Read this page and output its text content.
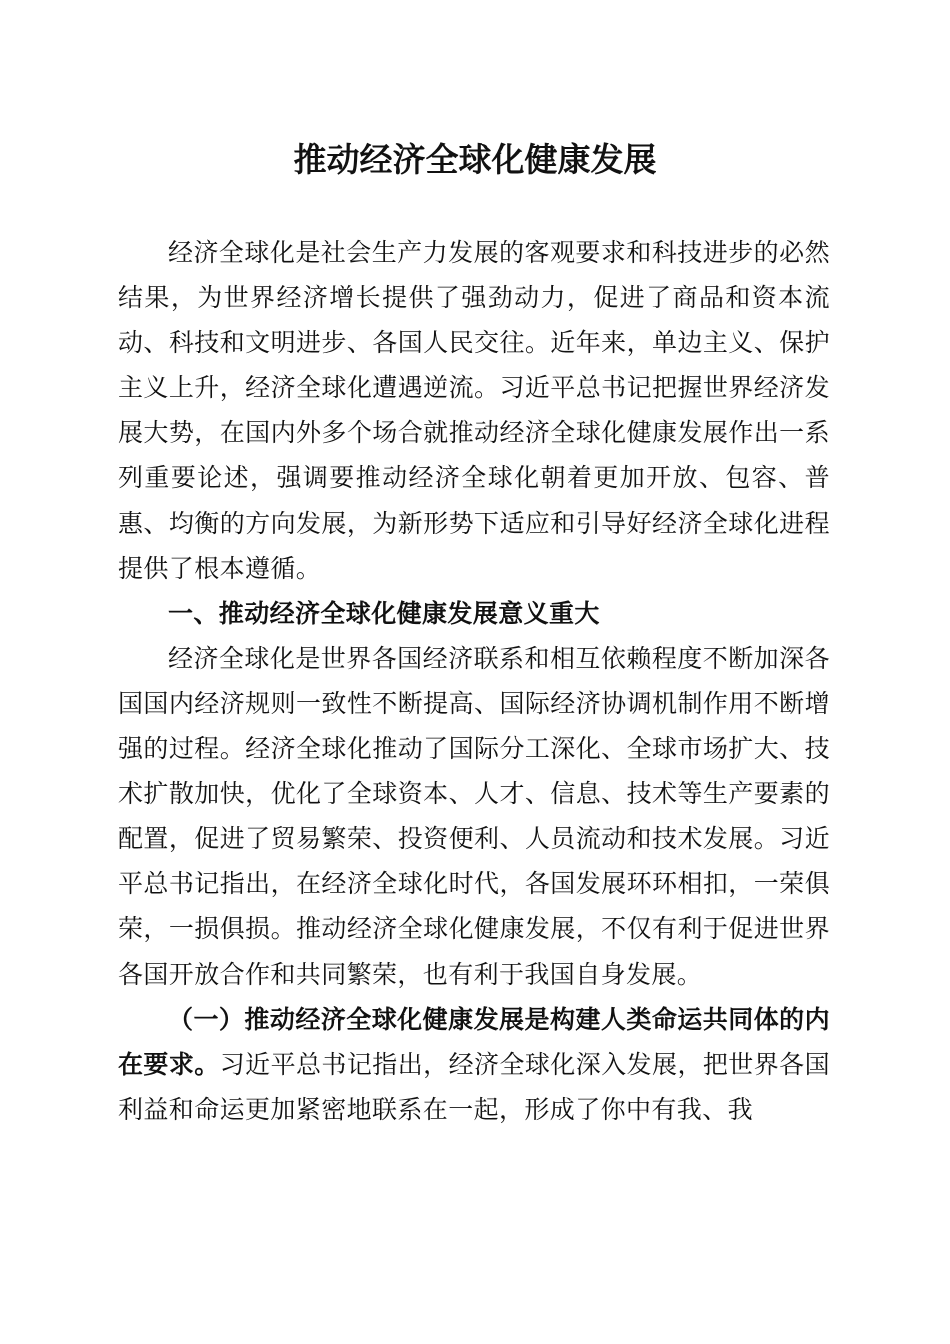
推动经济全球化健康发展

经济全球化是社会生产力发展的客观要求和科技进步的必然结果，为世界经济增长提供了强劲动力，促进了商品和资本流动、科技和文明进步、各国人民交往。近年来，单边主义、保护主义上升，经济全球化遭遇逆流。习近平总书记把握世界经济发展大势，在国内外多个场合就推动经济全球化健康发展作出一系列重要论述，强调要推动经济全球化朝着更加开放、包容、普惠、均衡的方向发展，为新形势下适应和引导好经济全球化进程提供了根本遵循。

一、推动经济全球化健康发展意义重大

经济全球化是世界各国经济联系和相互依赖程度不断加深各国国内经济规则一致性不断提高、国际经济协调机制作用不断增强的过程。经济全球化推动了国际分工深化、全球市场扩大、技术扩散加快，优化了全球资本、人才、信息、技术等生产要素的配置，促进了贸易繁荣、投资便利、人员流动和技术发展。习近平总书记指出，在经济全球化时代，各国发展环环相扣，一荣俱荣，一损俱损。推动经济全球化健康发展，不仅有利于促进世界各国开放合作和共同繁荣，也有利于我国自身发展。

（一）推动经济全球化健康发展是构建人类命运共同体的内在要求。习近平总书记指出，经济全球化深入发展，把世界各国利益和命运更加紧密地联系在一起，形成了你中有我、我
